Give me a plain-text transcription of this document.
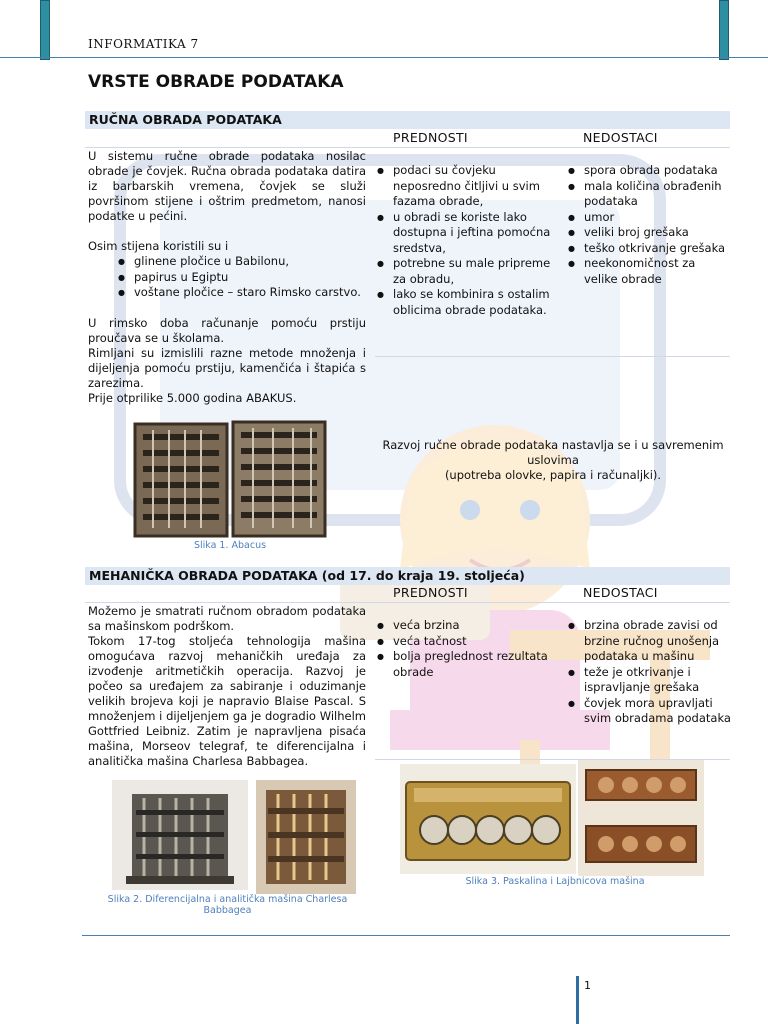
INFORMATIKA 7
VRSTE OBRADE PODATAKA
RUČNA OBRADA PODATAKA
PREDNOSTI	NEDOSTACI

U sistemu ručne obrade podataka nosilac obrade je čovjek. Ručna obrada podataka datira iz barbarskih vremena, čovjek se služi površinom stijene i oštrim predmetom, nanosi podatke u pećini.

Osim stijena koristili su i

● glinene pločice u Babilonu,
● papirus u Egiptu
● voštane pločice – staro Rimsko carstvo.

U rimsko doba računanje pomoću prstiju proučava se u školama.

Rimljani su izmislili razne metode množenja i dijeljenja pomoću prstiju, kamenčića i štapića s zarezima.

Prije otprilike 5.000 godina ABAKUS.

● podaci su čovjeku neposredno čitljivi u svim fazama obrade,
● u obradi se koriste lako dostupna i jeftina pomoćna sredstva,
● potrebne su male pripreme za obradu,
● lako se kombinira s ostalim oblicima obrade podataka.
● spora obrada podataka
● mala količina obrađenih podataka
● umor
● veliki broj grešaka
● teško otkrivanje grešaka
● neekonomičnost za velike obrade
Slika 1. Abacus
Razvoj ručne obrade podataka nastavlja se i u savremenim uslovima
(upotreba olovke, papira i računaljki).
MEHANIČKA OBRADA PODATAKA (od 17. do kraja 19. stoljeća)
PREDNOSTI	NEDOSTACI

Možemo je smatrati ručnom obradom podataka sa mašinskom podrškom.

Tokom 17-tog stoljeća tehnologija mašina omogućava razvoj mehaničkih uređaja za izvođenje aritmetičkih operacija. Razvoj je počeo sa uređajem za sabiranje i oduzimanje velikih brojeva koji je napravio Blaise Pascal. S množenjem i dijeljenjem ga je dogradio Wilhelm Gottfried Leibniz. Zatim je napravljena pisaća mašina, Morseov telegraf, te diferencijalna i analitička mašina Charlesa Babbagea.

● veća brzina
● veća tačnost
● bolja preglednost rezultata obrade
● brzina obrade zavisi od brzine ručnog unošenja podataka u mašinu
● teže je otkrivanje i ispravljanje grešaka
● čovjek mora upravljati svim obradama podataka
Slika 2. Diferencijalna i analitička mašina Charlesa Babbagea
Slika 3. Paskalina i Lajbnicova mašina
1
